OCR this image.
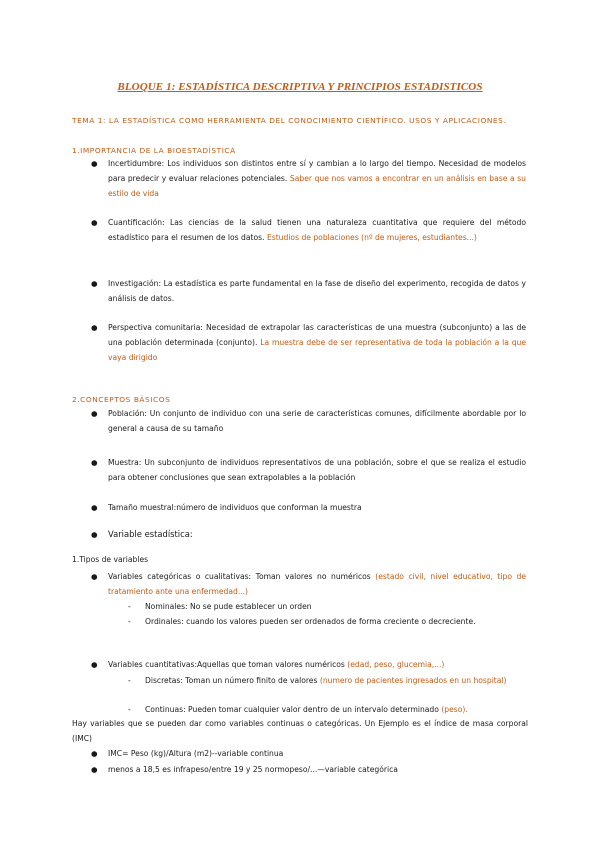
BLOQUE 1: ESTADÍSTICA DESCRIPTIVA Y PRINCIPIOS ESTADISTICOS
TEMA 1: LA ESTADÍSTICA COMO HERRAMIENTA DEL CONOCIMIENTO CIENTÍFICO. USOS Y APLICACIONES.
1.IMPORTANCIA DE LA BIOESTADÍSTICA
● Incertidumbre: Los individuos son distintos entre sí y cambian a lo largo del tiempo. Necesidad de modelos para predecir y evaluar relaciones potenciales. Saber que nos vamos a encontrar en un análisis en base a su estilo de vida
● Cuantificación: Las ciencias de la salud tienen una naturaleza cuantitativa que requiere del método estadístico para el resumen de los datos. Estudios de poblaciones (nº de mujeres, estudiantes...)
● Investigación: La estadística es parte fundamental en la fase de diseño del experimento, recogida de datos y análisis de datos.
● Perspectiva comunitaria: Necesidad de extrapolar las características de una muestra (subconjunto) a las de una población determinada (conjunto). La muestra debe de ser representativa de toda la población a la que vaya dirigido
2.CONCEPTOS BÁSICOS
● Población: Un conjunto de individuo con una serie de características comunes, difícilmente abordable por lo general a causa de su tamaño
● Muestra: Un subconjunto de individuos representativos de una población, sobre el que se realiza el estudio para obtener conclusiones que sean extrapolables a la población
● Tamaño muestral:número de individuos que conforman la muestra
● Variable estadística:
1.Tipos de variables
● Variables categóricas o cualitativas: Toman valores no numéricos (estado civil, nivel educativo, tipo de tratamiento ante una enfermedad...)
- Nominales: No se pude establecer un orden
- Ordinales: cuando los valores pueden ser ordenados de forma creciente o decreciente.
● Variables cuantitativas:Aquellas que toman valores numéricos (edad, peso, glucemia,...)
- Discretas: Toman un número finito de valores (numero de pacientes ingresados en un hospital)
- Continuas: Pueden tomar cualquier valor dentro de un intervalo determinado (peso).
Hay variables que se pueden dar como variables continuas o categóricas. Un Ejemplo es el índice de masa corporal (IMC)
● IMC= Peso (kg)/Altura (m2)--variable continua
● menos a 18,5 es infrapeso/entre 19 y 25 normopeso/...—variable categórica
